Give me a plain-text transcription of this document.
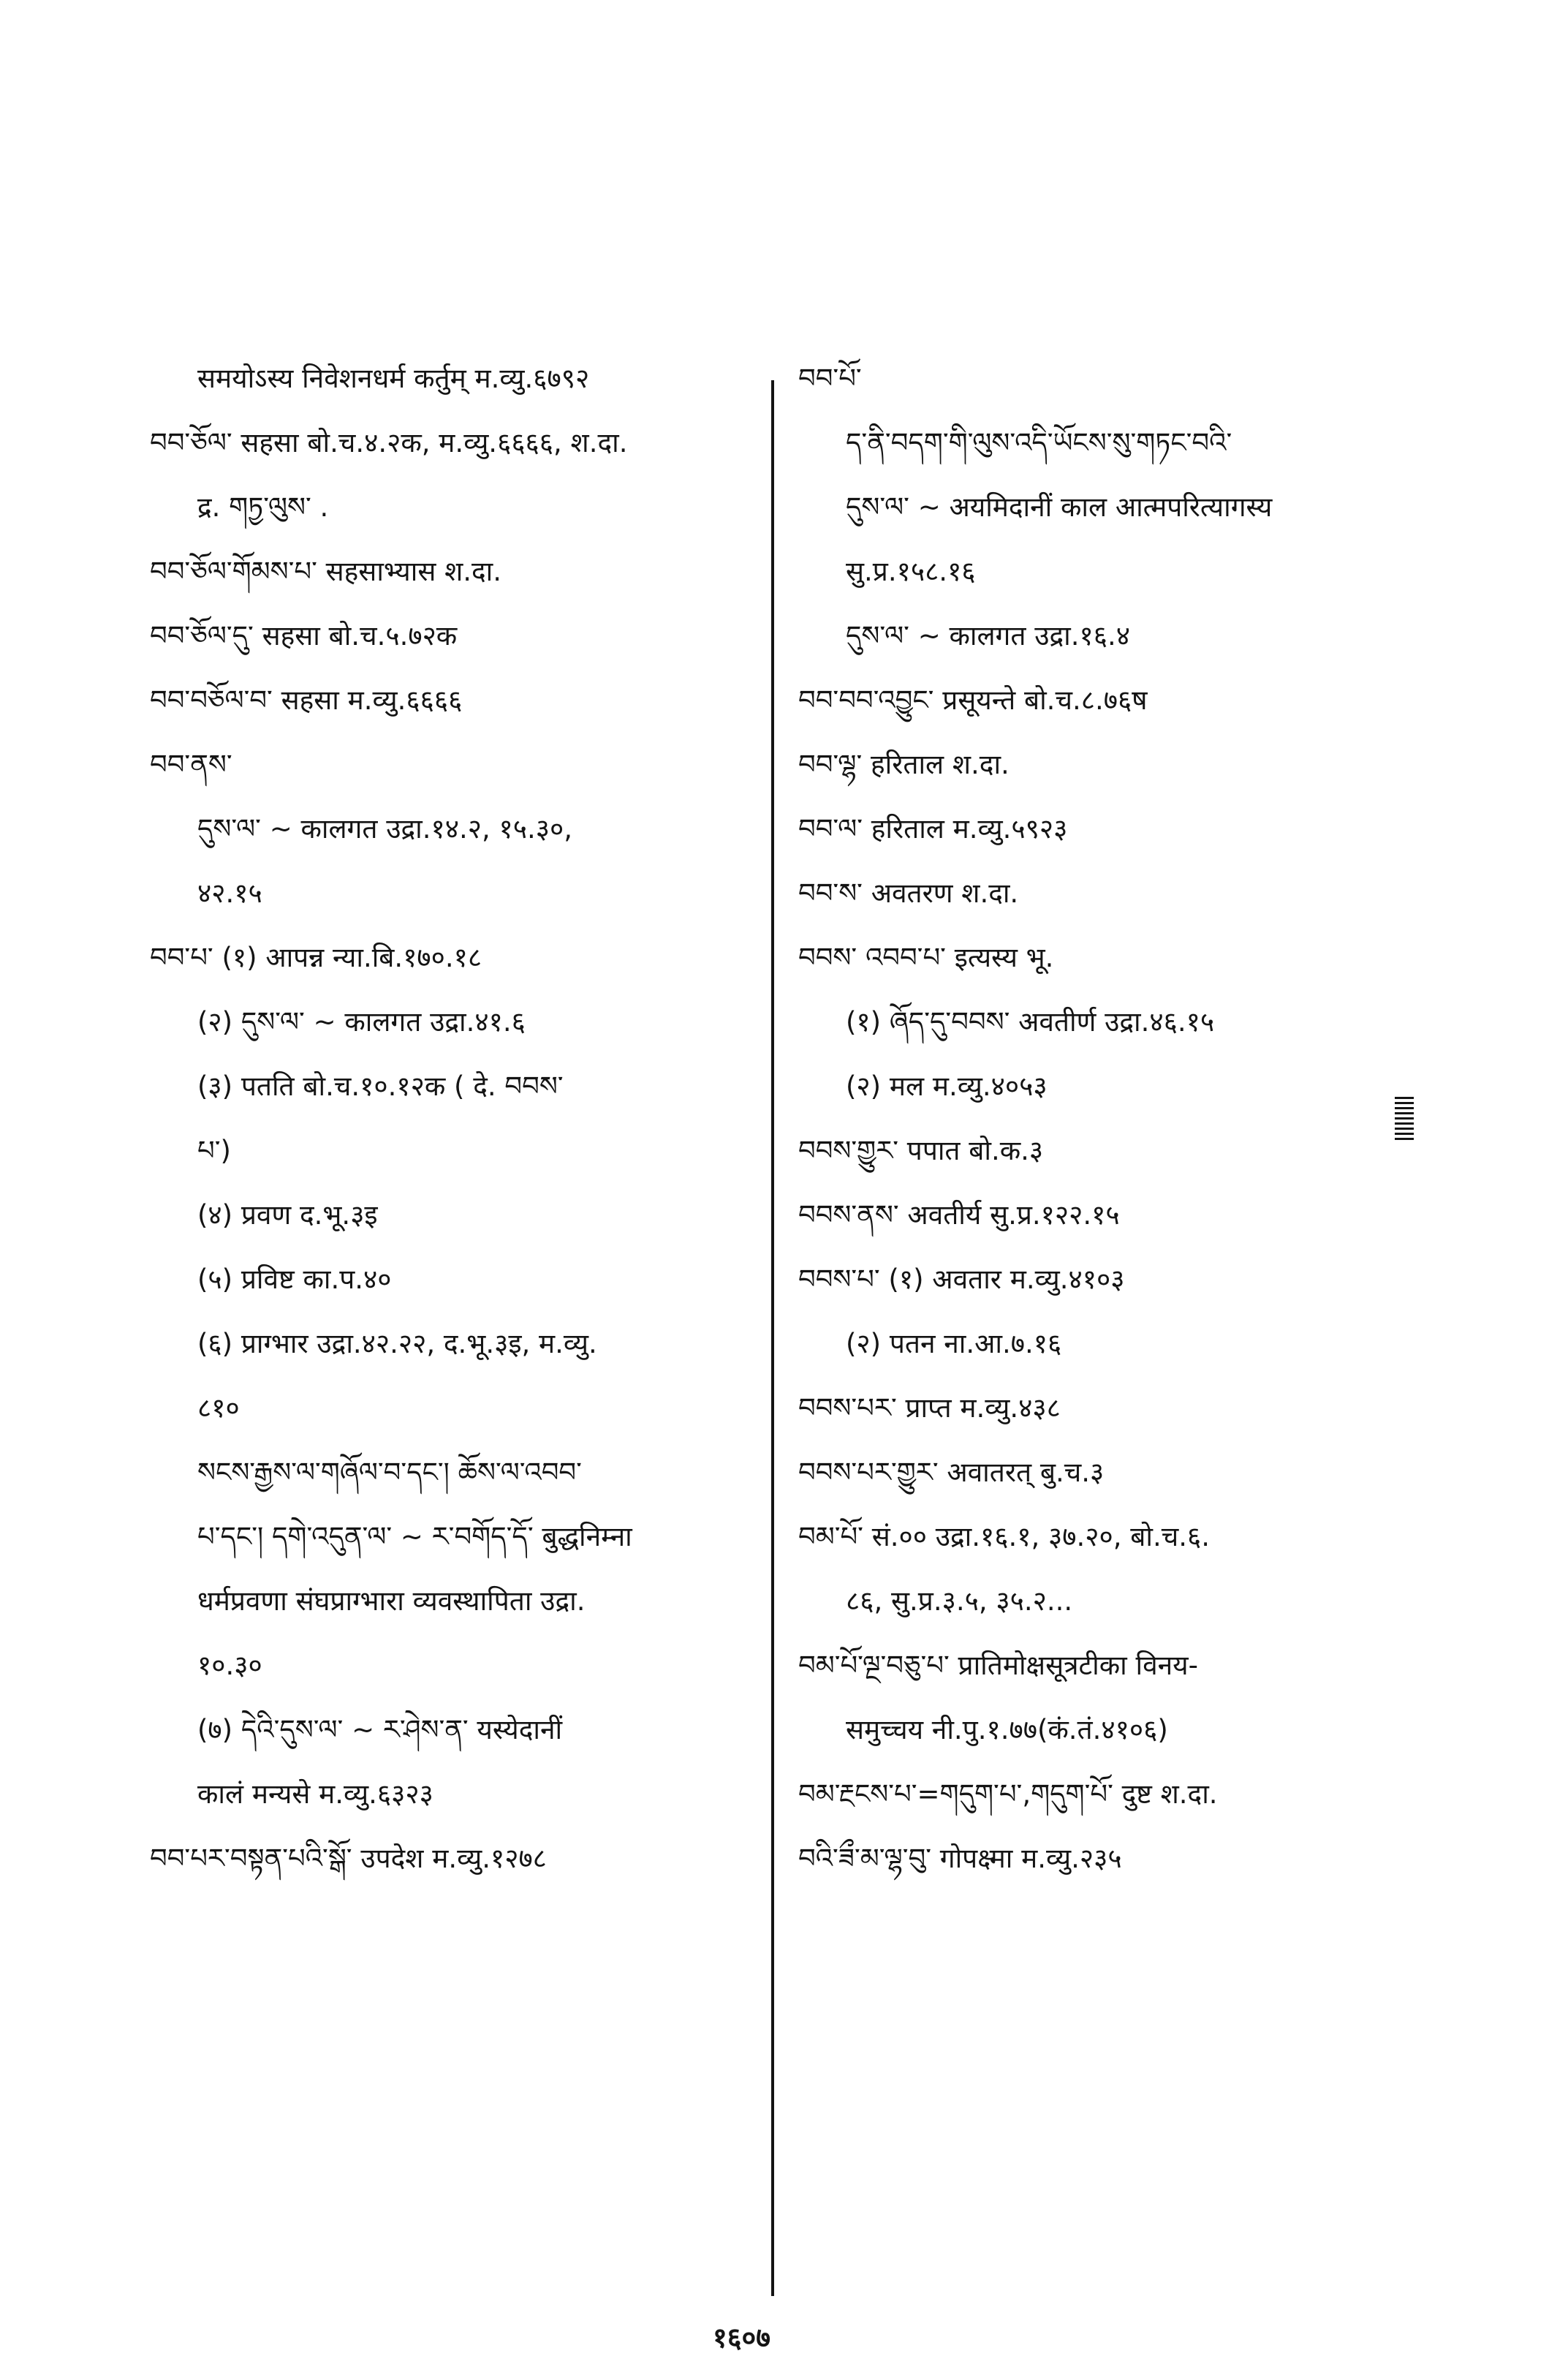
समयोऽस्य निवेशनधर्म कर्तुम् म.व्यु.६७९२
བབ་ཅོལ་ सहसा बो.च.४.२क, म.व्यु.६६६६, श.दा.
द्र. གཏྱ་ལུས་ .
བབ་ཅོལ་གོམས་པ་ सहसाभ्यास श.दा.
བབ་ཅོལ་དུ་ सहसा बो.च.५.७२क
བབ་བཅོལ་བ་ सहसा म.व्यु.६६६६
བབ་ནས་
དུས་ལ་ ~ कालगत उद्रा.१४.२, १५.३०,
४२.१५
བབ་པ་ (१) आपन्न न्या.बि.१७०.१८
(२) དུས་ལ་ ~ कालगत उद्रा.४१.६
(३) पतति बो.च.१०.१२क ( दे. བབས་
པ་)
(४) प्रवण द.भू.३इ
(५) प्रविष्ट का.प.४०
(६) प्राग्भार उद्रा.४२.२२, द.भू.३इ, म.व्यु.
८१०
སངས་རྒྱས་ལ་གཞོལ་བ་དང་། ཆོས་ལ་འབབ་
པ་དང་། དགེ་འདུན་ལ་ ~ ར་བགོད་དོ་ बुद्धनिम्ना
धर्मप्रवणा संघप्राग्भारा व्यवस्थापिता उद्रा.
१०.३०
(७) དེའི་དུས་ལ་ ~ ར་ཤེས་ན་ यस्येदानीं
कालं मन्यसे म.व्यु.६३२३
བབ་པར་བསྟན་པའི་སྒོ་ उपदेश म.व्यु.१२७८
བབ་པོ་
ད་ནི་བདག་གི་ལུས་འདི་ཡོངས་སུ་གཏང་བའི་
དུས་ལ་ ~ अयमिदानीं काल आत्मपरित्यागस्य
सु.प्र.१५८.१६
དུས་ལ་ ~ कालगत उद्रा.१६.४
བབ་བབ་འབྱུང་ प्रसूयन्ते बो.च.८.७६ष
བབ་ལྷ་ हरिताल श.दा.
བབ་ལ་ हरिताल म.व्यु.५९२३
བབ་ས་ अवतरण श.दा.
བབས་ འབབ་པ་ इत्यस्य भू.
(१) ཞོད་དུ་བབས་ अवतीर्ण उद्रा.४६.१५
(२) मल म.व्यु.४०५३
བབས་གྱུར་ पपात बो.क.३
བབས་ནས་ अवतीर्य सु.प्र.१२२.१५
བབས་པ་ (१) अवतार म.व्यु.४१०३
(२) पतन ना.आ.७.१६
བབས་པར་ प्राप्त म.व्यु.४३८
བབས་པར་གྱུར་ अवातरत् बु.च.३
བམ་པོ་ सं.०० उद्रा.१६.१, ३७.२०, बो.च.६.
८६, सु.प्र.३.५, ३५.२...
བམ་པོ་ལྔ་བཅུ་པ་ प्रातिमोक्षसूत्रटीका विनय-
समुच्चय नी.पु.१.७७(कं.तं.४१०६)
བམ་རྔངས་པ་=གདུག་པ་,གདུག་པོ་ दुष्ट श.दा.
བའི་ཟྀ་མ་ལྷ་བུ་ गोपक्ष्मा म.व्यु.२३५
१६०७
